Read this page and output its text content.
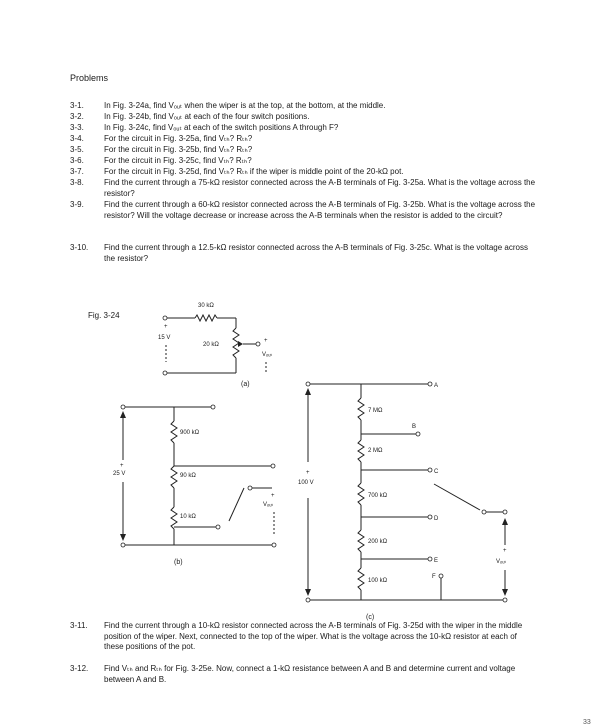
Problems
3-1.	In Fig. 3-24a, find Vₒᵤₜ when the wiper is at the top, at the bottom, at the middle.
3-2.	In Fig. 3-24b, find Vₒᵤₜ at each of the four switch positions.
3-3.	In Fig. 3-24c, find Vₒᵤₜ at each of the switch positions A through F?
3-4.	For the circuit in Fig. 3-25a, find Vₜₕ? Rₜₕ?
3-5.	For the circuit in Fig. 3-25b, find Vₜₕ? Rₜₕ?
3-6.	For the circuit in Fig. 3-25c, find Vₜₕ? Rₜₕ?
3-7.	For the circuit in Fig. 3-25d, find Vₜₕ? Rₜₕ if the wiper is middle point of the 20-kΩ pot.
3-8.	Find the current through a 75-kΩ resistor connected across the A-B terminals of Fig. 3-25a. What is the voltage across the resistor?
3-9.	Find the current through a 60-kΩ resistor connected across the A-B terminals of Fig. 3-25b. What is the voltage across the resistor? Will the voltage decrease or increase across the A-B terminals when the resistor is added to the circuit?
3-10.	Find the current through a 12.5-kΩ resistor connected across the A-B terminals of Fig. 3-25c. What is the voltage across the resistor?
3-11.	Find the current through a 10-kΩ resistor connected across the A-B terminals of Fig. 3-25d with the wiper in the middle position of the wiper. Next, connected to the top of the wiper. What is the voltage across the 10-kΩ resistor at each of these positions of the pot.
3-12.	Find Vₜₕ and Rₜₕ for Fig. 3-25e. Now, connect a 1-kΩ resistance between A and B and determine current and voltage between A and B.
Fig. 3-24
30 kΩ
20 kΩ
+
Vₒᵤₜ
+
15 V
(a)
900 kΩ
90 kΩ
10 kΩ
+
25 V
+
Vₒᵤₜ
(b)
A
7 MΩ
B
2 MΩ
C
700 kΩ
D
200 kΩ
E
100 kΩ
F
+
100 V
+
Vₒᵤₜ
(c)
33
